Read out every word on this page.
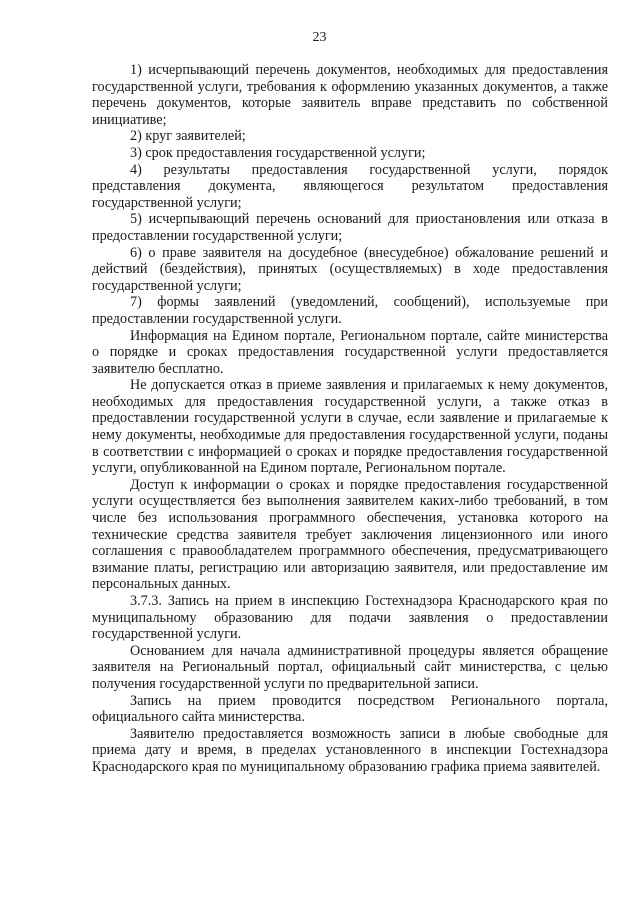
23

1) исчерпывающий перечень документов, необходимых для предоставления государственной услуги, требования к оформлению указанных документов, а также перечень документов, которые заявитель вправе представить по собственной инициативе;

2) круг заявителей;

3) срок предоставления государственной услуги;

4) результаты предоставления государственной услуги, порядок представления документа, являющегося результатом предоставления государственной услуги;

5) исчерпывающий перечень оснований для приостановления или отказа в предоставлении государственной услуги;

6) о праве заявителя на досудебное (внесудебное) обжалование решений и действий (бездействия), принятых (осуществляемых) в ходе предоставления государственной услуги;

7) формы заявлений (уведомлений, сообщений), используемые при предоставлении государственной услуги.

Информация на Едином портале, Региональном портале, сайте министерства о порядке и сроках предоставления государственной услуги предоставляется заявителю бесплатно.

Не допускается отказ в приеме заявления и прилагаемых к нему документов, необходимых для предоставления государственной услуги, а также отказ в предоставлении государственной услуги в случае, если заявление и прилагаемые к нему документы, необходимые для предоставления государственной услуги, поданы в соответствии с информацией о сроках и порядке предоставления государственной услуги, опубликованной на Едином портале, Региональном портале.

Доступ к информации о сроках и порядке предоставления государственной услуги осуществляется без выполнения заявителем каких-либо требований, в том числе без использования программного обеспечения, установка которого на технические средства заявителя требует заключения лицензионного или иного соглашения с правообладателем программного обеспечения, предусматривающего взимание платы, регистрацию или авторизацию заявителя, или предоставление им персональных данных.

3.7.3. Запись на прием в инспекцию Гостехнадзора Краснодарского края по муниципальному образованию для подачи заявления о предоставлении государственной услуги.

Основанием для начала административной процедуры является обращение заявителя на Региональный портал, официальный сайт министерства, с целью получения государственной услуги по предварительной записи.

Запись на прием проводится посредством Регионального портала, официального сайта министерства.

Заявителю предоставляется возможность записи в любые свободные для приема дату и время, в пределах установленного в инспекции Гостехнадзора Краснодарского края по муниципальному образованию графика приема заявителей.
